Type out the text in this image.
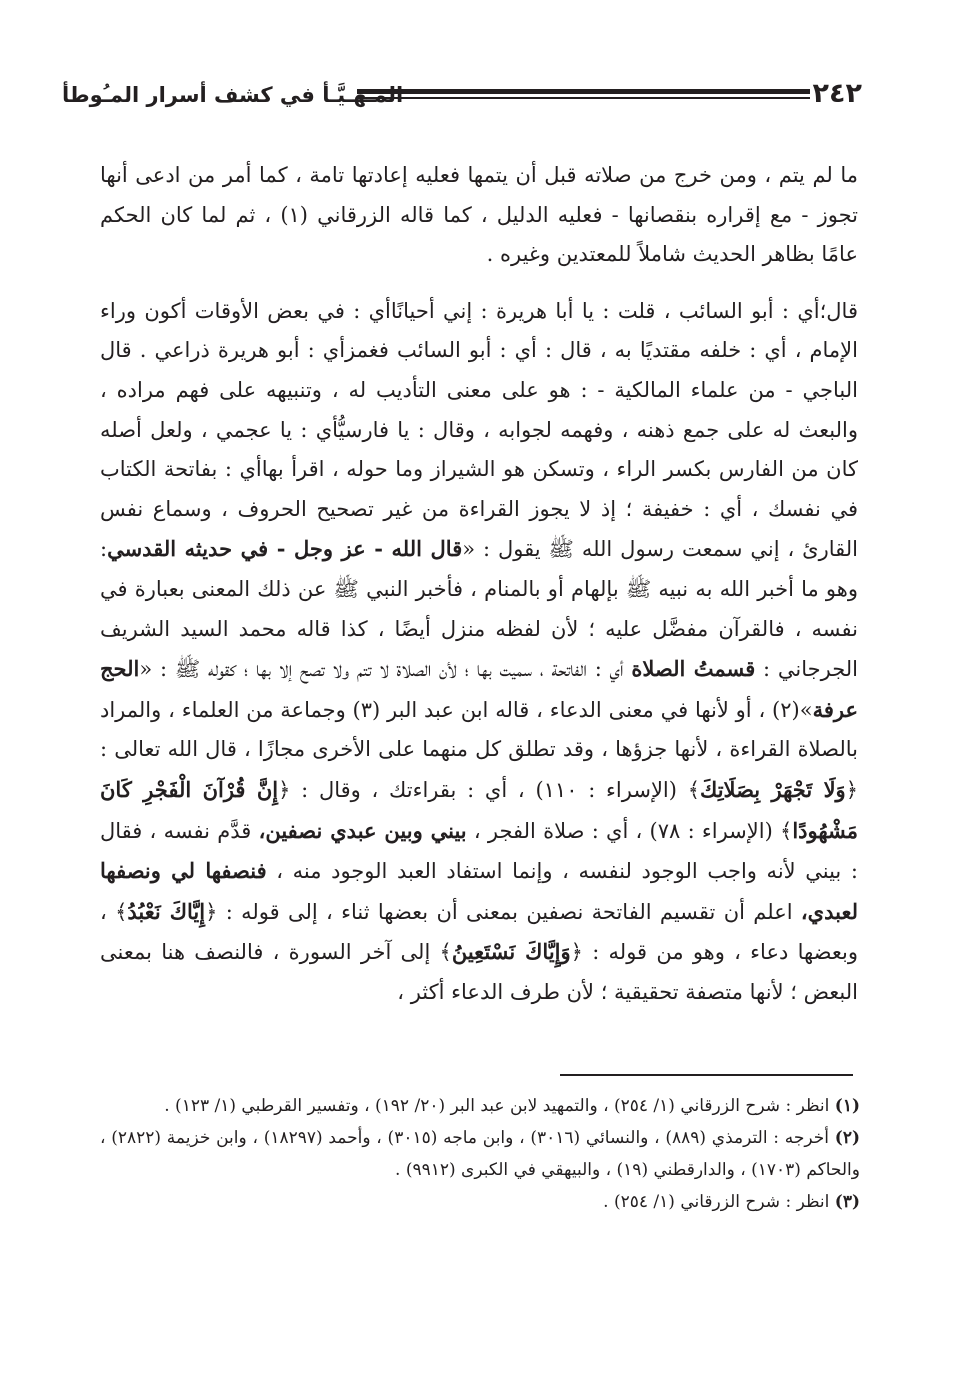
٢٤٢
المـهَـيَّـأ في كشف أسرار المـُوطأ

ما لم يتم ، ومن خرج من صلاته قبل أن يتمها فعليه إعادتها تامة ، كما أمر من ادعى أنها تجوز - مع إقراره بنقصانها - فعليه الدليل ، كما قاله الزرقاني (١) ، ثم لما كان الحكم عامًا بظاهر الحديث شاملاً للمعتدين وغيره .

قال؛أي : أبو السائب ، قلت : يا أبا هريرة : إني أحيانًاأي : في بعض الأوقات أكون وراء الإمام ، أي : خلفه مقتديًا به ، قال : أي : أبو السائب فغمزأي : أبو هريرة ذراعي . قال الباجي - من علماء المالكية - : هو على معنى التأديب له ، وتنبيهه على فهم مراده ، والبعث له على جمع ذهنه ، وفهمه لجوابه ، وقال : يا فارسيُّأي : يا عجمي ، ولعل أصله كان من الفارس بكسر الراء ، وتسكن هو الشيراز وما حوله ، اقرأ بهاأي : بفاتحة الكتاب في نفسك ، أي : خفيفة ؛ إذ لا يجوز القراءة من غير تصحيح الحروف ، وسماع نفس القارئ ، إني سمعت رسول الله ﷺ يقول : «قال الله - عز وجل - في حديثه القدسي: وهو ما أخبر الله به نبيه ﷺ بإلهام أو بالمنام ، فأخبر النبي ﷺ عن ذلك المعنى بعبارة في نفسه ، فالقرآن مفضَّل عليه ؛ لأن لفظه منزل أيضًا ، كذا قاله محمد السيد الشريف الجرجاني : قسمتُ الصلاة أي : الفاتحة ، سميت بها ؛ لأن الصلاة لا تتم ولا تصح إلا بها ؛ كقوله ﷺ : «الحج عرفة»(٢) ، أو لأنها في معنى الدعاء ، قاله ابن عبد البر (٣) وجماعة من العلماء ، والمراد بالصلاة القراءة ، لأنها جزؤها ، وقد تطلق كل منهما على الأخرى مجازًا ، قال الله تعالى : ﴿وَلَا تَجْهَرْ بِصَلَاتِكَ﴾ (الإسراء : ١١٠) ، أي : بقراءتك ، وقال : ﴿إِنَّ قُرْآنَ الْفَجْرِ كَانَ مَشْهُودًا﴾ (الإسراء : ٧٨) ، أي : صلاة الفجر ، بيني وبين عبدي نصفين، قدَّم نفسه ، فقال : بيني لأنه واجب الوجود لنفسه ، وإنما استفاد العبد الوجود منه ، فنصفها لي ونصفها لعبدي، اعلم أن تقسيم الفاتحة نصفين بمعنى أن بعضها ثناء ، إلى قوله : ﴿إِيَّاكَ نَعْبُدُ﴾ ، وبعضها دعاء ، وهو من قوله : ﴿وَإِيَّاكَ نَسْتَعِينُ﴾ إلى آخر السورة ، فالنصف هنا بمعنى البعض ؛ لأنها متصفة تحقيقية ؛ لأن طرف الدعاء أكثر ،

(١) انظر : شرح الزرقاني (١/ ٢٥٤) ، والتمهيد لابن عبد البر (٢٠/ ١٩٢) ، وتفسير القرطبي (١/ ١٢٣) .

(٢) أخرجه : الترمذي (٨٨٩) ، والنسائي (٣٠١٦) ، وابن ماجه (٣٠١٥) ، وأحمد (١٨٢٩٧) ، وابن خزيمة (٢٨٢٢) ، والحاكم (١٧٠٣) ، والدارقطني (١٩) ، والبيهقي في الكبرى (٩٩١٢) .

(٣) انظر : شرح الزرقاني (١/ ٢٥٤) .
